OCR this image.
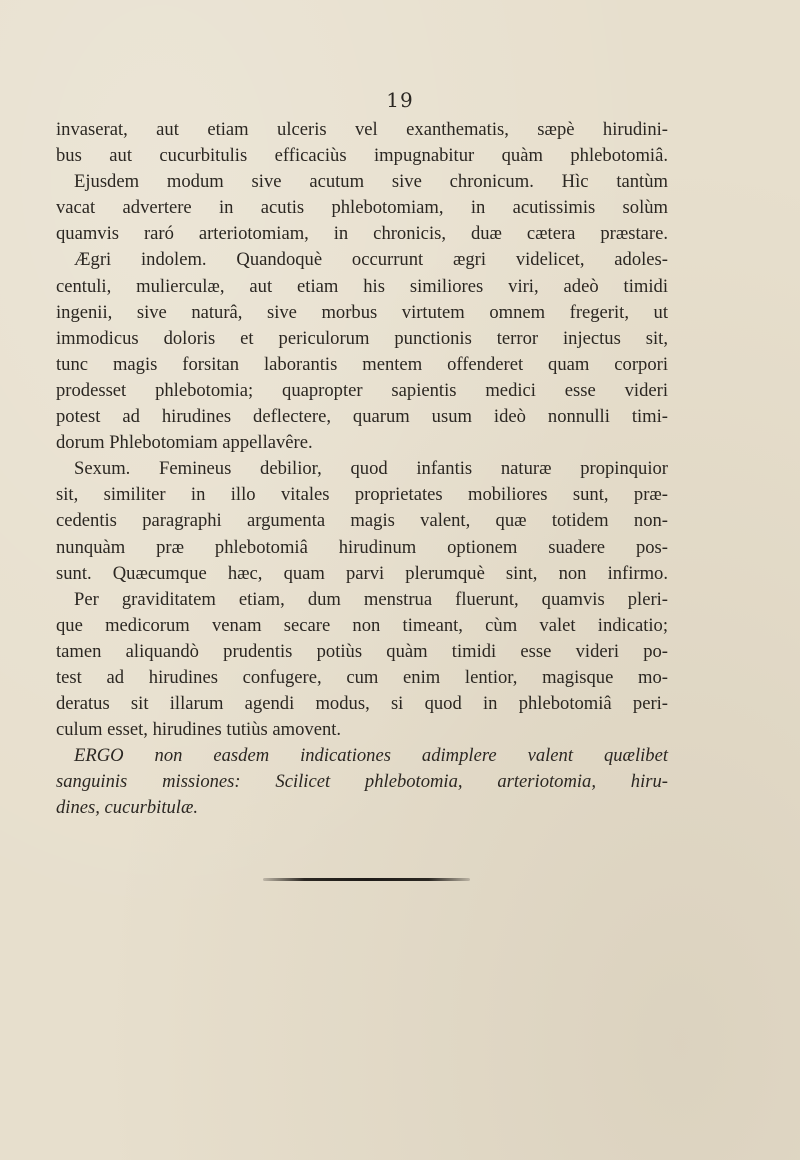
19
invaserat, aut etiam ulceris vel exanthematis, sæpè hirudini-
bus aut cucurbitulis efficaciùs impugnabitur quàm phlebotomiâ.
Ejusdem modum sive acutum sive chronicum. Hìc tantùm
vacat advertere in acutis phlebotomiam, in acutissimis solùm
quamvis raró arteriotomiam, in chronicis, duæ cætera præstare.
Ægri indolem. Quandoquè occurrunt ægri videlicet, adoles-
centuli, mulierculæ, aut etiam his similiores viri, adeò timidi
ingenii, sive naturâ, sive morbus virtutem omnem fregerit, ut
immodicus doloris et periculorum punctionis terror injectus sit,
tunc magis forsitan laborantis mentem offenderet quam corpori
prodesset phlebotomia; quapropter sapientis medici esse videri
potest ad hirudines deflectere, quarum usum ideò nonnulli timi-
dorum Phlebotomiam appellavêre.
Sexum. Femineus debilior, quod infantis naturæ propinquior
sit, similiter in illo vitales proprietates mobiliores sunt, præ-
cedentis paragraphi argumenta magis valent, quæ totidem non-
nunquàm præ phlebotomiâ hirudinum optionem suadere pos-
sunt. Quæcumque hæc, quam parvi plerumquè sint, non infirmo.
Per graviditatem etiam, dum menstrua fluerunt, quamvis pleri-
que medicorum venam secare non timeant, cùm valet indicatio;
tamen aliquandò prudentis potiùs quàm timidi esse videri po-
test ad hirudines confugere, cum enim lentior, magisque mo-
deratus sit illarum agendi modus, si quod in phlebotomiâ peri-
culum esset, hirudines tutiùs amovent.
ERGO non easdem indicationes adimplere valent quælibet
sanguinis missiones: Scilicet phlebotomia, arteriotomia, hiru-
dines, cucurbitulæ.
